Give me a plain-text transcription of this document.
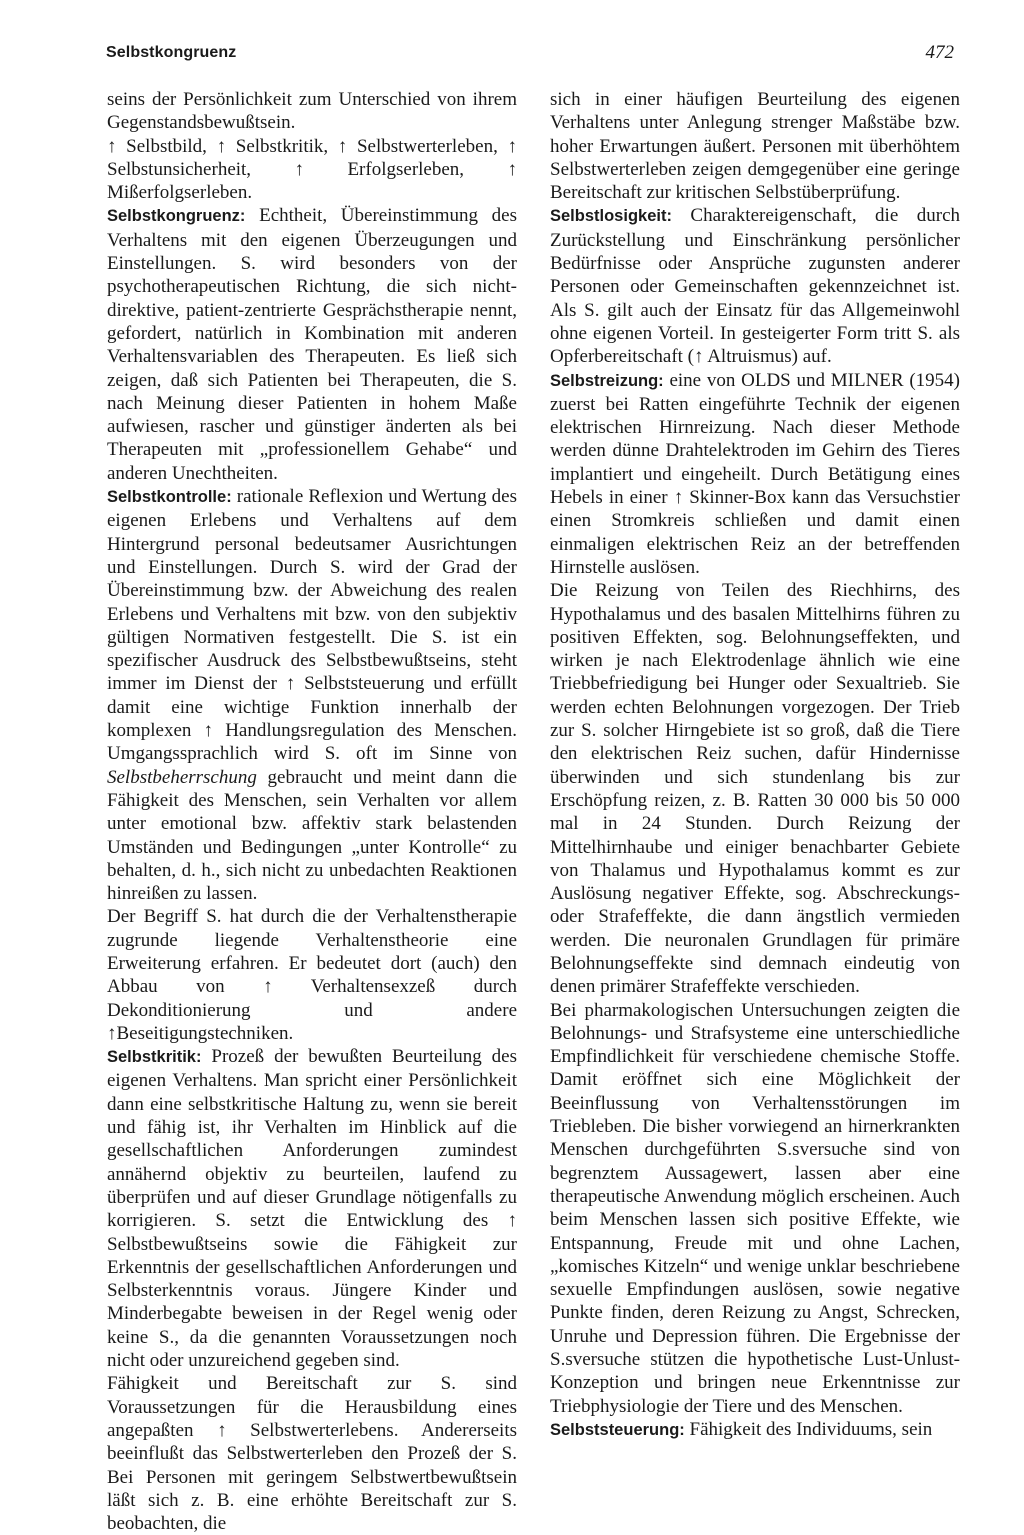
Selbstkongruenz	472

seins der Persönlichkeit zum Unterschied von ihrem Gegenstandsbewußtsein.

↑ Selbstbild, ↑ Selbstkritik, ↑ Selbstwerterleben, ↑ Selbstunsicherheit, ↑ Erfolgserleben, ↑ Mißerfolgserleben.

Selbstkongruenz: Echtheit, Übereinstimmung des Verhaltens mit den eigenen Überzeugungen und Einstellungen. S. wird besonders von der psychotherapeutischen Richtung, die sich nicht-direktive, patient-zentrierte Gesprächstherapie nennt, gefordert, natürlich in Kombination mit anderen Verhaltensvariablen des Therapeuten. Es ließ sich zeigen, daß sich Patienten bei Therapeuten, die S. nach Meinung dieser Patienten in hohem Maße aufwiesen, rascher und günstiger änderten als bei Therapeuten mit „professionellem Gehabe“ und anderen Unechtheiten.

Selbstkontrolle: rationale Reflexion und Wertung des eigenen Erlebens und Verhaltens auf dem Hintergrund personal bedeutsamer Ausrichtungen und Einstellungen. Durch S. wird der Grad der Übereinstimmung bzw. der Abweichung des realen Erlebens und Verhaltens mit bzw. von den subjektiv gültigen Normativen festgestellt. Die S. ist ein spezifischer Ausdruck des Selbstbewußtseins, steht immer im Dienst der ↑ Selbststeuerung und erfüllt damit eine wichtige Funktion innerhalb der komplexen ↑ Handlungsregulation des Menschen. Umgangssprachlich wird S. oft im Sinne von Selbstbeherrschung gebraucht und meint dann die Fähigkeit des Menschen, sein Verhalten vor allem unter emotional bzw. affektiv stark belastenden Umständen und Bedingungen „unter Kontrolle“ zu behalten, d. h., sich nicht zu unbedachten Reaktionen hinreißen zu lassen.

Der Begriff S. hat durch die der Verhaltenstherapie zugrunde liegende Verhaltenstheorie eine Erweiterung erfahren. Er bedeutet dort (auch) den Abbau von ↑ Verhaltensexzeß durch Dekonditionierung und andere ↑Beseitigungstechniken.

Selbstkritik: Prozeß der bewußten Beurteilung des eigenen Verhaltens. Man spricht einer Persönlichkeit dann eine selbstkritische Haltung zu, wenn sie bereit und fähig ist, ihr Verhalten im Hinblick auf die gesellschaftlichen Anforderungen zumindest annähernd objektiv zu beurteilen, laufend zu überprüfen und auf dieser Grundlage nötigenfalls zu korrigieren. S. setzt die Entwicklung des ↑ Selbstbewußtseins sowie die Fähigkeit zur Erkenntnis der gesellschaftlichen Anforderungen und Selbsterkenntnis voraus. Jüngere Kinder und Minderbegabte beweisen in der Regel wenig oder keine S., da die genannten Voraussetzungen noch nicht oder unzureichend gegeben sind.

Fähigkeit und Bereitschaft zur S. sind Voraussetzungen für die Herausbildung eines angepaßten ↑ Selbstwerterlebens. Andererseits beeinflußt das Selbstwerterleben den Prozeß der S. Bei Personen mit geringem Selbstwertbewußtsein läßt sich z. B. eine erhöhte Bereitschaft zur S. beobachten, die

sich in einer häufigen Beurteilung des eigenen Verhaltens unter Anlegung strenger Maßstäbe bzw. hoher Erwartungen äußert. Personen mit überhöhtem Selbstwerterleben zeigen demgegenüber eine geringe Bereitschaft zur kritischen Selbstüberprüfung.

Selbstlosigkeit: Charaktereigenschaft, die durch Zurückstellung und Einschränkung persönlicher Bedürfnisse oder Ansprüche zugunsten anderer Personen oder Gemeinschaften gekennzeichnet ist. Als S. gilt auch der Einsatz für das Allgemeinwohl ohne eigenen Vorteil. In gesteigerter Form tritt S. als Opferbereitschaft (↑ Altruismus) auf.

Selbstreizung: eine von OLDS und MILNER (1954) zuerst bei Ratten eingeführte Technik der eigenen elektrischen Hirnreizung. Nach dieser Methode werden dünne Drahtelektroden im Gehirn des Tieres implantiert und eingeheilt. Durch Betätigung eines Hebels in einer ↑ Skinner-Box kann das Versuchstier einen Stromkreis schließen und damit einen einmaligen elektrischen Reiz an der betreffenden Hirnstelle auslösen.

Die Reizung von Teilen des Riechhirns, des Hypothalamus und des basalen Mittelhirns führen zu positiven Effekten, sog. Belohnungseffekten, und wirken je nach Elektrodenlage ähnlich wie eine Triebbefriedigung bei Hunger oder Sexualtrieb. Sie werden echten Belohnungen vorgezogen. Der Trieb zur S. solcher Hirngebiete ist so groß, daß die Tiere den elektrischen Reiz suchen, dafür Hindernisse überwinden und sich stundenlang bis zur Erschöpfung reizen, z. B. Ratten 30 000 bis 50 000 mal in 24 Stunden. Durch Reizung der Mittelhirnhaube und einiger benachbarter Gebiete von Thalamus und Hypothalamus kommt es zur Auslösung negativer Effekte, sog. Abschreckungs- oder Strafeffekte, die dann ängstlich vermieden werden. Die neuronalen Grundlagen für primäre Belohnungseffekte sind demnach eindeutig von denen primärer Strafeffekte verschieden.

Bei pharmakologischen Untersuchungen zeigten die Belohnungs- und Strafsysteme eine unterschiedliche Empfindlichkeit für verschiedene chemische Stoffe. Damit eröffnet sich eine Möglichkeit der Beeinflussung von Verhaltensstörungen im Triebleben. Die bisher vorwiegend an hirnerkrankten Menschen durchgeführten S.sversuche sind von begrenztem Aussagewert, lassen aber eine therapeutische Anwendung möglich erscheinen. Auch beim Menschen lassen sich positive Effekte, wie Entspannung, Freude mit und ohne Lachen, „komisches Kitzeln“ und wenige unklar beschriebene sexuelle Empfindungen auslösen, sowie negative Punkte finden, deren Reizung zu Angst, Schrecken, Unruhe und Depression führen. Die Ergebnisse der S.sversuche stützen die hypothetische Lust-Unlust-Konzeption und bringen neue Erkenntnisse zur Triebphysiologie der Tiere und des Menschen.

Selbststeuerung: Fähigkeit des Individuums, sein
